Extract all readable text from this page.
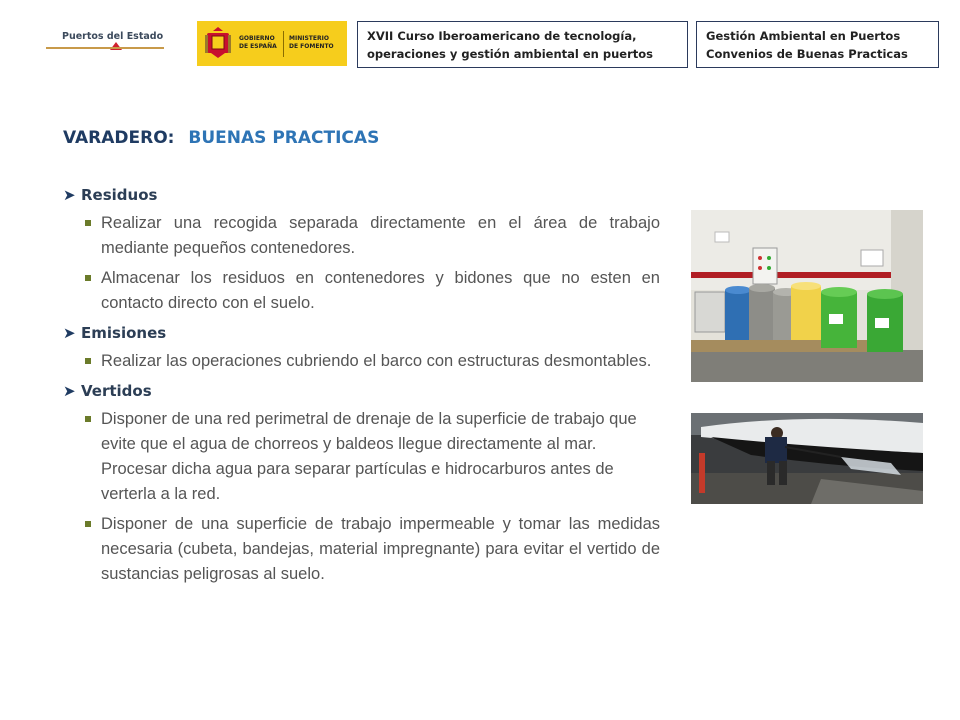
Puertos del Estado	GOBIERNO
DE ESPAÑA
MINISTERIO
DE FOMENTO
XVII Curso Iberoamericano de tecnología,
operaciones y gestión ambiental en puertos
Gestión Ambiental en Puertos
Convenios de Buenas Practicas
VARADERO: BUENAS PRACTICAS
➤ Residuos
Realizar una recogida separada directamente en el área de trabajo mediante pequeños contenedores.
Almacenar los residuos en contenedores y bidones que no esten en contacto directo con el suelo.
➤ Emisiones
Realizar las operaciones cubriendo el barco con estructuras desmontables.
➤ Vertidos
Disponer de una red perimetral de drenaje de la superficie de trabajo que evite que el agua de chorreos y baldeos llegue directamente al mar. Procesar dicha agua para separar partículas e hidrocarburos antes de verterla a la red.
Disponer de una superficie de trabajo impermeable y tomar las medidas necesaria (cubeta, bandejas, material impregnante) para evitar el vertido de sustancias peligrosas al suelo.
